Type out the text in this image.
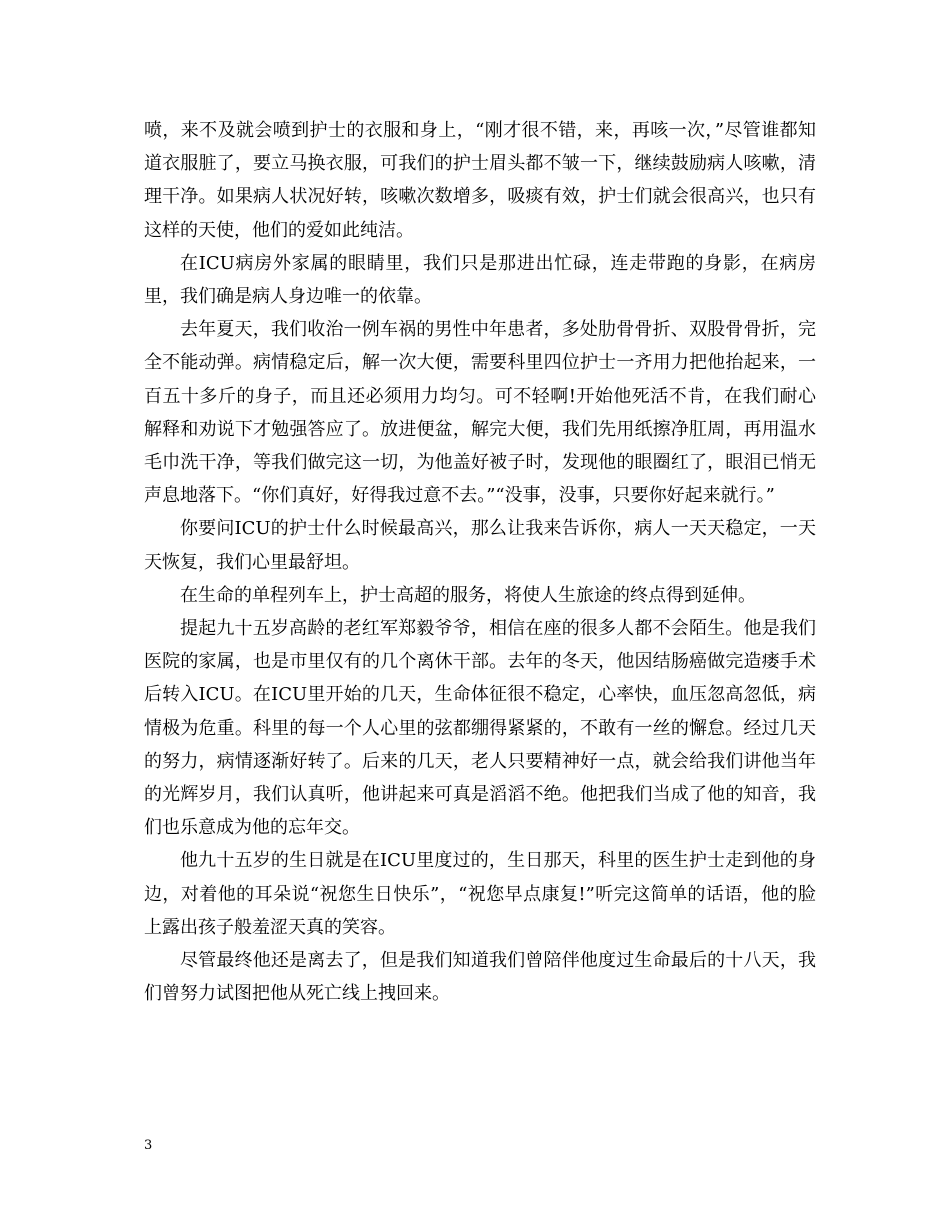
喷，来不及就会喷到护士的衣服和身上，“刚才很不错，来，再咳一次，”尽管谁都知道衣服脏了，要立马换衣服，可我们的护士眉头都不皱一下，继续鼓励病人咳嗽，清理干净。如果病人状况好转，咳嗽次数增多，吸痰有效，护士们就会很高兴，也只有这样的天使，他们的爱如此纯洁。

在ICU病房外家属的眼睛里，我们只是那进出忙碌，连走带跑的身影，在病房里，我们确是病人身边唯一的依靠。

去年夏天，我们收治一例车祸的男性中年患者，多处肋骨骨折、双股骨骨折，完全不能动弹。病情稳定后，解一次大便，需要科里四位护士一齐用力把他抬起来，一百五十多斤的身子，而且还必须用力均匀。可不轻啊!开始他死活不肯，在我们耐心解释和劝说下才勉强答应了。放进便盆，解完大便，我们先用纸擦净肛周，再用温水毛巾洗干净，等我们做完这一切，为他盖好被子时，发现他的眼圈红了，眼泪已悄无声息地落下。“你们真好，好得我过意不去。”“没事，没事，只要你好起来就行。”

你要问ICU的护士什么时候最高兴，那么让我来告诉你，病人一天天稳定，一天天恢复，我们心里最舒坦。

在生命的单程列车上，护士高超的服务，将使人生旅途的终点得到延伸。

提起九十五岁高龄的老红军郑毅爷爷，相信在座的很多人都不会陌生。他是我们医院的家属，也是市里仅有的几个离休干部。去年的冬天，他因结肠癌做完造瘘手术后转入ICU。在ICU里开始的几天，生命体征很不稳定，心率快，血压忽高忽低，病情极为危重。科里的每一个人心里的弦都绷得紧紧的，不敢有一丝的懈怠。经过几天的努力，病情逐渐好转了。后来的几天，老人只要精神好一点，就会给我们讲他当年的光辉岁月，我们认真听，他讲起来可真是滔滔不绝。他把我们当成了他的知音，我们也乐意成为他的忘年交。

他九十五岁的生日就是在ICU里度过的，生日那天，科里的医生护士走到他的身边，对着他的耳朵说“祝您生日快乐”，“祝您早点康复!”听完这简单的话语，他的脸上露出孩子般羞涩天真的笑容。

尽管最终他还是离去了，但是我们知道我们曾陪伴他度过生命最后的十八天，我们曾努力试图把他从死亡线上拽回来。

3
